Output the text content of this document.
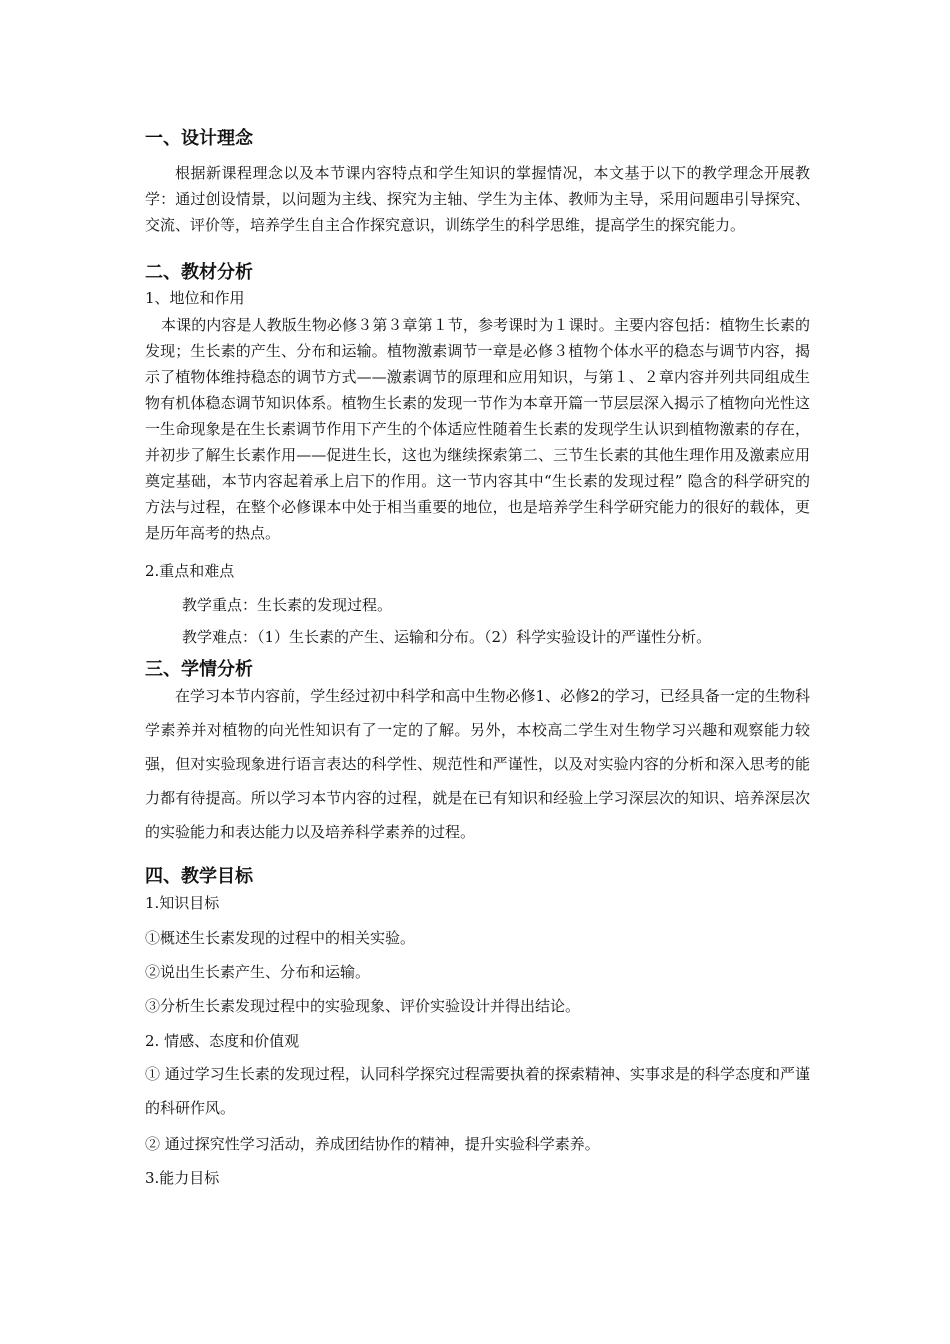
一、设计理念

根据新课程理念以及本节课内容特点和学生知识的掌握情况，本文基于以下的教学理念开展教学：通过创设情景，以问题为主线、探究为主轴、学生为主体、教师为主导，采用问题串引导探究、交流、评价等，培养学生自主合作探究意识，训练学生的科学思维，提高学生的探究能力。

二、教材分析
1、地位和作用

本课的内容是人教版生物必修３第３章第１节，参考课时为１课时。主要内容包括：植物生长素的发现；生长素的产生、分布和运输。植物激素调节一章是必修３植物个体水平的稳态与调节内容，揭示了植物体维持稳态的调节方式——激素调节的原理和应用知识，与第１、２章内容并列共同组成生物有机体稳态调节知识体系。植物生长素的发现一节作为本章开篇一节层层深入揭示了植物向光性这一生命现象是在生长素调节作用下产生的个体适应性随着生长素的发现学生认识到植物激素的存在，并初步了解生长素作用——促进生长，这也为继续探索第二、三节生长素的其他生理作用及激素应用奠定基础，本节内容起着承上启下的作用。这一节内容其中“生长素的发现过程” 隐含的科学研究的方法与过程，在整个必修课本中处于相当重要的地位，也是培养学生科学研究能力的很好的载体，更是历年高考的热点。

2.重点和难点
教学重点：生长素的发现过程。
教学难点：（1）生长素的产生、运输和分布。（2）科学实验设计的严谨性分析。
三、学情分析

在学习本节内容前，学生经过初中科学和高中生物必修1、必修2的学习，已经具备一定的生物科学素养并对植物的向光性知识有了一定的了解。另外，本校高二学生对生物学习兴趣和观察能力较强，但对实验现象进行语言表达的科学性、规范性和严谨性，以及对实验内容的分析和深入思考的能力都有待提高。所以学习本节内容的过程，就是在已有知识和经验上学习深层次的知识、培养深层次的实验能力和表达能力以及培养科学素养的过程。

四、教学目标
1.知识目标
①概述生长素发现的过程中的相关实验。
②说出生长素产生、分布和运输。
③分析生长素发现过程中的实验现象、评价实验设计并得出结论。
2. 情感、态度和价值观

① 通过学习生长素的发现过程，认同科学探究过程需要执着的探索精神、实事求是的科学态度和严谨的科研作风。

② 通过探究性学习活动，养成团结协作的精神，提升实验科学素养。
3.能力目标
